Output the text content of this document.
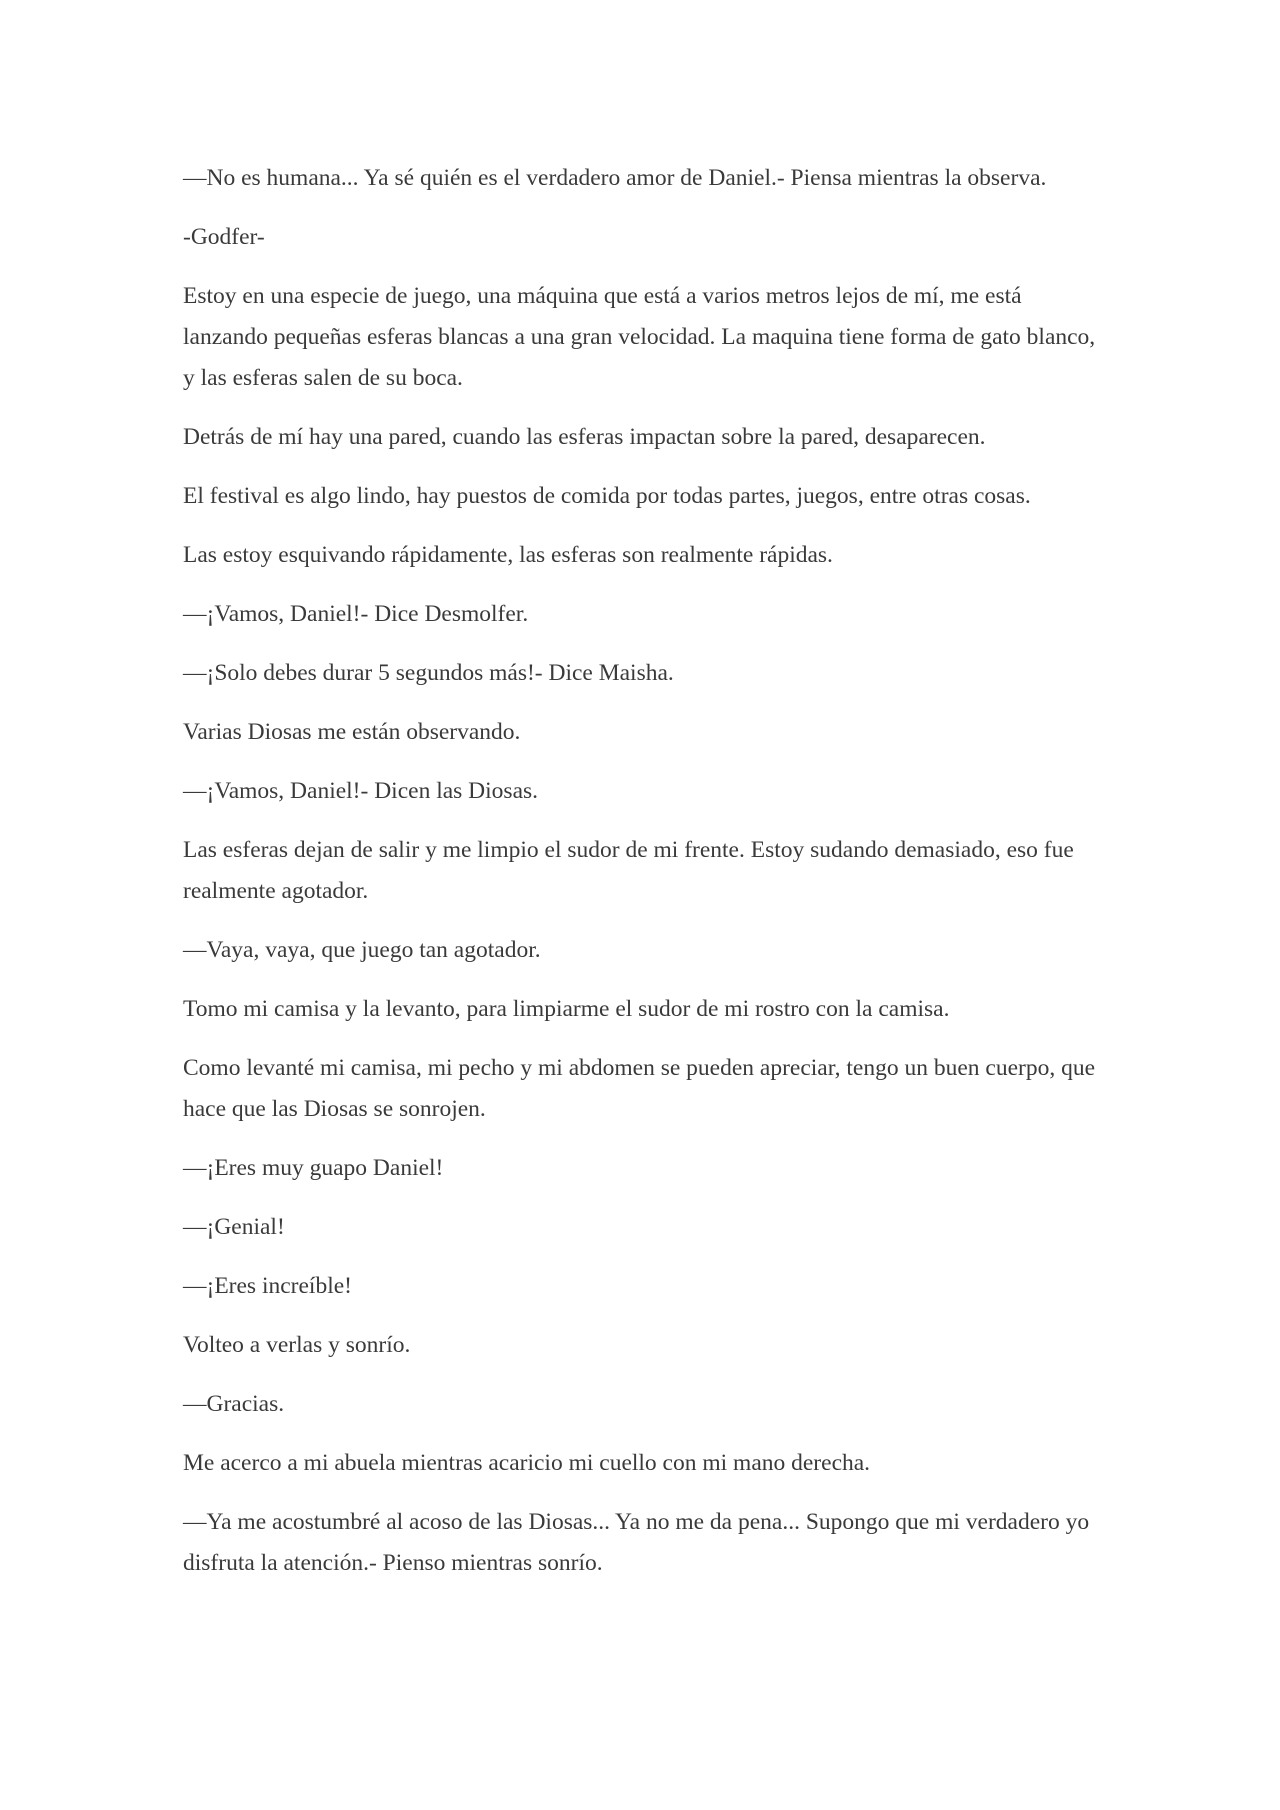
—No es humana... Ya sé quién es el verdadero amor de Daniel.- Piensa mientras la observa.

-Godfer-

Estoy en una especie de juego, una máquina que está a varios metros lejos de mí, me está lanzando pequeñas esferas blancas a una gran velocidad. La maquina tiene forma de gato blanco, y las esferas salen de su boca.

Detrás de mí hay una pared, cuando las esferas impactan sobre la pared, desaparecen.

El festival es algo lindo, hay puestos de comida por todas partes, juegos, entre otras cosas.

Las estoy esquivando rápidamente, las esferas son realmente rápidas.

—¡Vamos, Daniel!- Dice Desmolfer.

—¡Solo debes durar 5 segundos más!- Dice Maisha.

Varias Diosas me están observando.

—¡Vamos, Daniel!- Dicen las Diosas.

Las esferas dejan de salir y me limpio el sudor de mi frente. Estoy sudando demasiado, eso fue realmente agotador.

—Vaya, vaya, que juego tan agotador.

Tomo mi camisa y la levanto, para limpiarme el sudor de mi rostro con la camisa.

Como levanté mi camisa, mi pecho y mi abdomen se pueden apreciar, tengo un buen cuerpo, que hace que las Diosas se sonrojen.

—¡Eres muy guapo Daniel!

—¡Genial!

—¡Eres increíble!

Volteo a verlas y sonrío.

—Gracias.

Me acerco a mi abuela mientras acaricio mi cuello con mi mano derecha.

—Ya me acostumbré al acoso de las Diosas... Ya no me da pena... Supongo que mi verdadero yo disfruta la atención.- Pienso mientras sonrío.
